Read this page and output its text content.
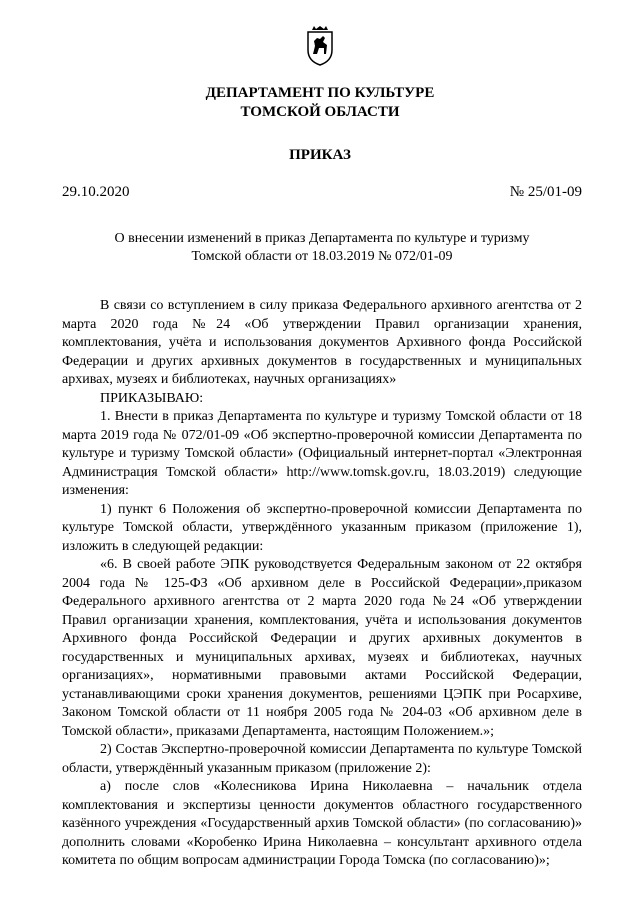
ДЕПАРТАМЕНТ ПО КУЛЬТУРЕ
ТОМСКОЙ ОБЛАСТИ
ПРИКАЗ
29.10.2020	№ 25/01-09
О внесении изменений в приказ Департамента по культуре и туризму
Томской области от 18.03.2019 № 072/01-09

В связи со вступлением в силу приказа Федерального архивного агентства от 2 марта 2020 года №24 «Об утверждении Правил организации хранения, комплектования, учёта и использования документов Архивного фонда Российской Федерации и других архивных документов в государственных и муниципальных архивах, музеях и библиотеках, научных организациях»

ПРИКАЗЫВАЮ:

1. Внести в приказ Департамента по культуре и туризму Томской области от 18 марта 2019 года № 072/01-09 «Об экспертно-проверочной комиссии Департамента по культуре и туризму Томской области» (Официальный интернет-портал «Электронная Администрация Томской области» http://www.tomsk.gov.ru, 18.03.2019) следующие изменения:

1) пункт 6 Положения об экспертно-проверочной комиссии Департамента по культуре Томской области, утверждённого указанным приказом (приложение 1), изложить в следующей редакции:

«6. В своей работе ЭПК руководствуется Федеральным законом от 22 октября 2004 года № 125-ФЗ «Об архивном деле в Российской Федерации»,приказом Федерального архивного агентства от 2 марта 2020 года №24 «Об утверждении Правил организации хранения, комплектования, учёта и использования документов Архивного фонда Российской Федерации и других архивных документов в государственных и муниципальных архивах, музеях и библиотеках, научных организациях», нормативными правовыми актами Российской Федерации, устанавливающими сроки хранения документов, решениями ЦЭПК при Росархиве, Законом Томской области от 11 ноября 2005 года № 204-03 «Об архивном деле в Томской области», приказами Департамента, настоящим Положением.»;

2) Состав Экспертно-проверочной комиссии Департамента по культуре Томской области, утверждённый указанным приказом (приложение 2):

а) после слов «Колесникова Ирина Николаевна – начальник отдела комплектования и экспертизы ценности документов областного государственного казённого учреждения «Государственный архив Томской области» (по согласованию)» дополнить словами «Коробенко Ирина Николаевна – консультант архивного отдела комитета по общим вопросам администрации Города Томска (по согласованию)»;
